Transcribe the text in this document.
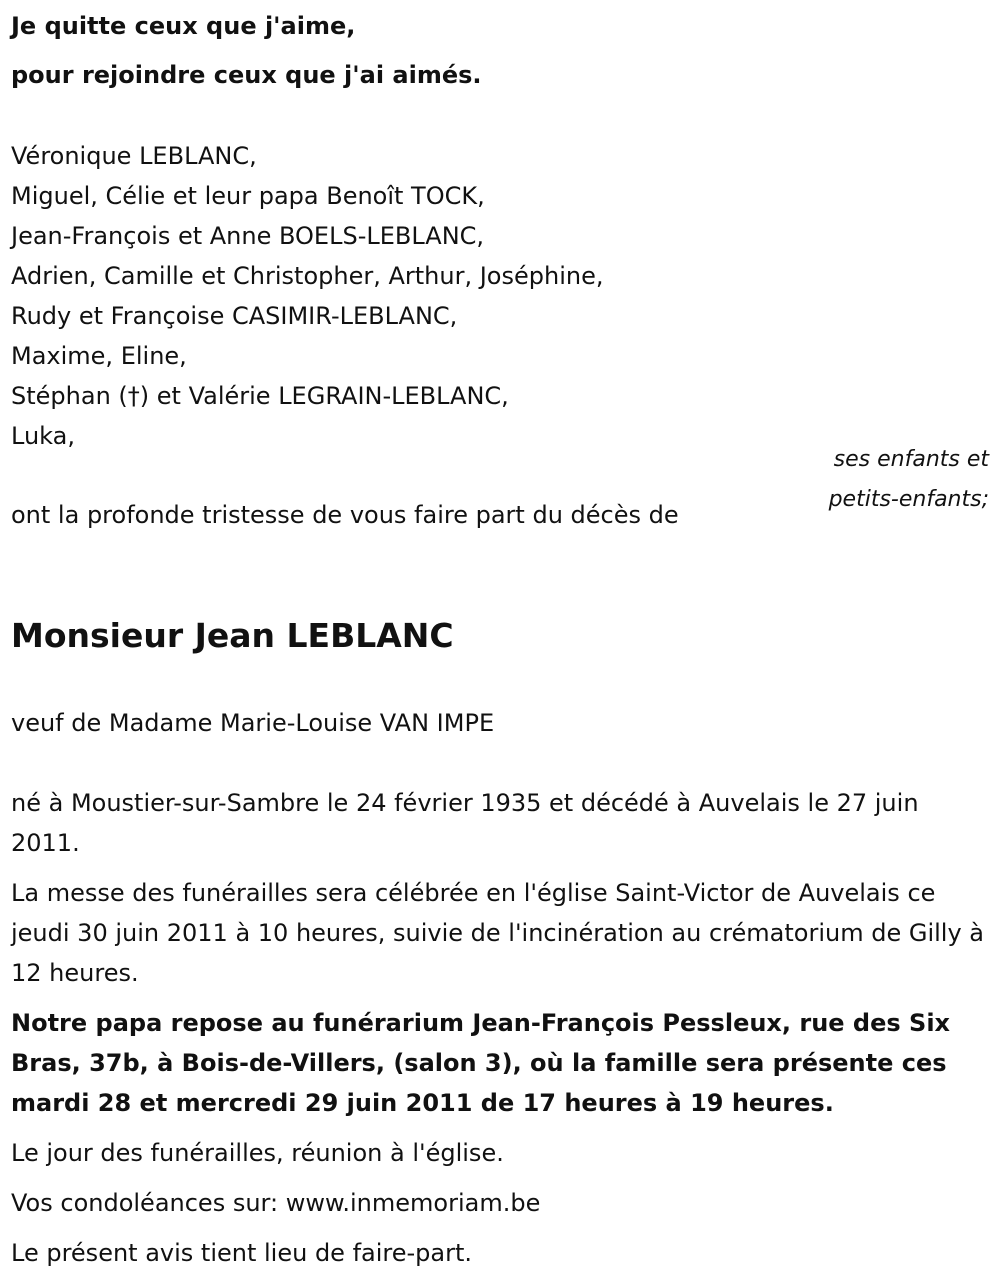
Je quitte ceux que j'aime,

pour rejoindre ceux que j'ai aimés.

Véronique LEBLANC,
Miguel, Célie et leur papa Benoît TOCK,
Jean-François et Anne BOELS-LEBLANC,
Adrien, Camille et Christopher, Arthur, Joséphine,
Rudy et Françoise CASIMIR-LEBLANC,
Maxime, Eline,
Stéphan (†) et Valérie LEGRAIN-LEBLANC,
Luka,
ses enfants et
petits-enfants;

ont la profonde tristesse de vous faire part du décès de

Monsieur Jean LEBLANC

veuf de Madame Marie-Louise VAN IMPE

né à Moustier-sur-Sambre le 24 février 1935 et décédé à Auvelais le 27 juin 2011.

La messe des funérailles sera célébrée en l'église Saint-Victor de Auvelais ce jeudi 30 juin 2011 à 10 heures, suivie de l'incinération au crématorium de Gilly à 12 heures.

Notre papa repose au funérarium Jean-François Pessleux, rue des Six Bras, 37b, à Bois-de-Villers, (salon 3), où la famille sera présente ces mardi 28 et mercredi 29 juin 2011 de 17 heures à 19 heures.

Le jour des funérailles, réunion à l'église.

Vos condoléances sur: www.inmemoriam.be

Le présent avis tient lieu de faire-part.
